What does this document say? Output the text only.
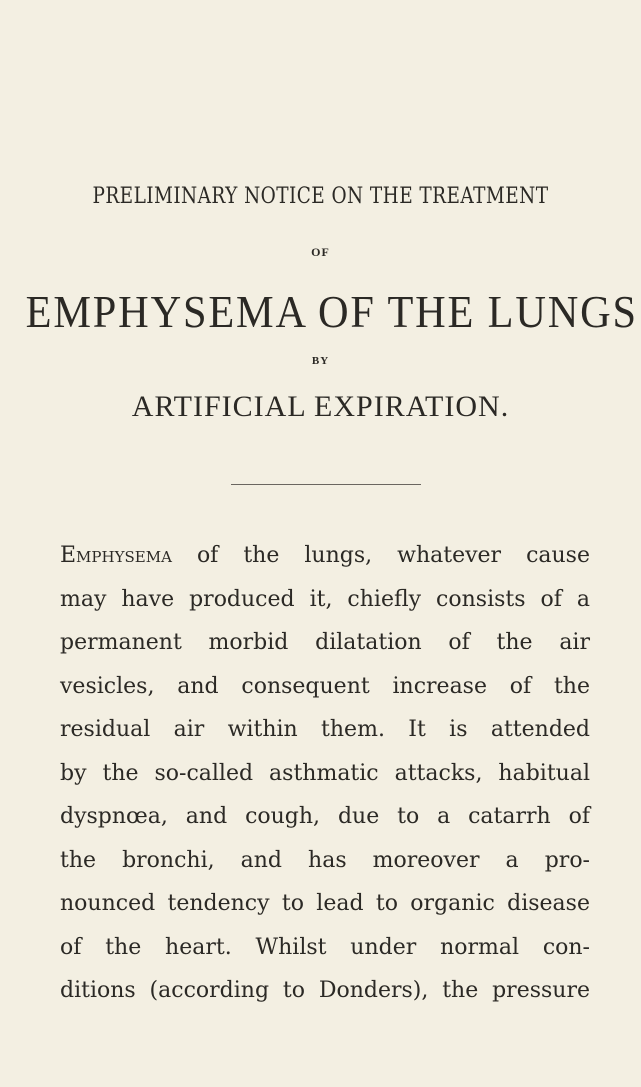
PRELIMINARY NOTICE ON THE TREATMENT
OF
EMPHYSEMA OF THE LUNGS
BY
ARTIFICIAL EXPIRATION.
Emphysema of the lungs, whatever cause
may have produced it, chiefly consists of a
permanent morbid dilatation of the air
vesicles, and consequent increase of the
residual air within them. It is attended
by the so-called asthmatic attacks, habitual
dyspnœa, and cough, due to a catarrh of
the bronchi, and has moreover a pro-
nounced tendency to lead to organic disease
of the heart. Whilst under normal con-
ditions (according to Donders), the pressure
